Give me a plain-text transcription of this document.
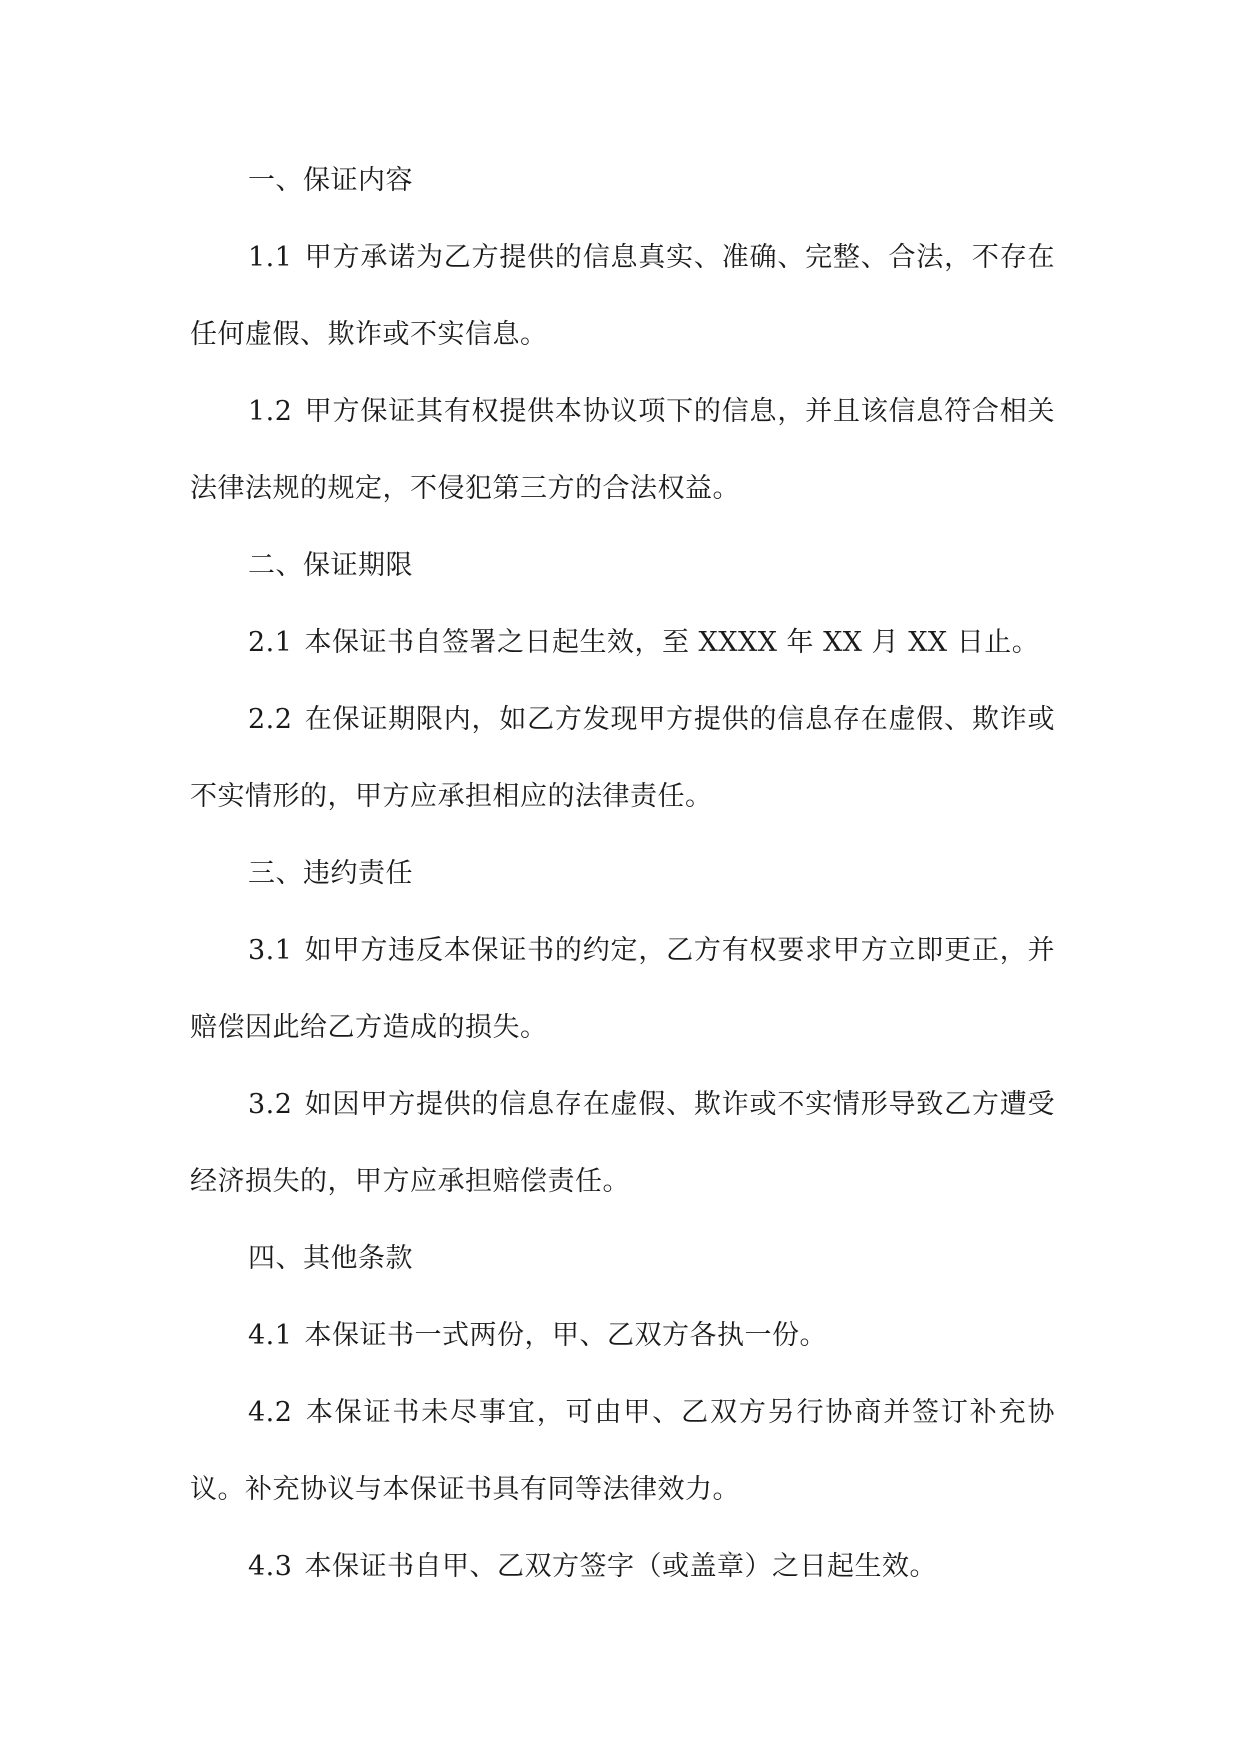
一、保证内容

1.1 甲方承诺为乙方提供的信息真实、准确、完整、合法，不存在任何虚假、欺诈或不实信息。

1.2 甲方保证其有权提供本协议项下的信息，并且该信息符合相关法律法规的规定，不侵犯第三方的合法权益。

二、保证期限

2.1 本保证书自签署之日起生效，至 XXXX 年 XX 月 XX 日止。

2.2 在保证期限内，如乙方发现甲方提供的信息存在虚假、欺诈或不实情形的，甲方应承担相应的法律责任。

三、违约责任

3.1 如甲方违反本保证书的约定，乙方有权要求甲方立即更正，并赔偿因此给乙方造成的损失。

3.2 如因甲方提供的信息存在虚假、欺诈或不实情形导致乙方遭受经济损失的，甲方应承担赔偿责任。

四、其他条款

4.1 本保证书一式两份，甲、乙双方各执一份。

4.2 本保证书未尽事宜，可由甲、乙双方另行协商并签订补充协议。补充协议与本保证书具有同等法律效力。

4.3 本保证书自甲、乙双方签字（或盖章）之日起生效。
